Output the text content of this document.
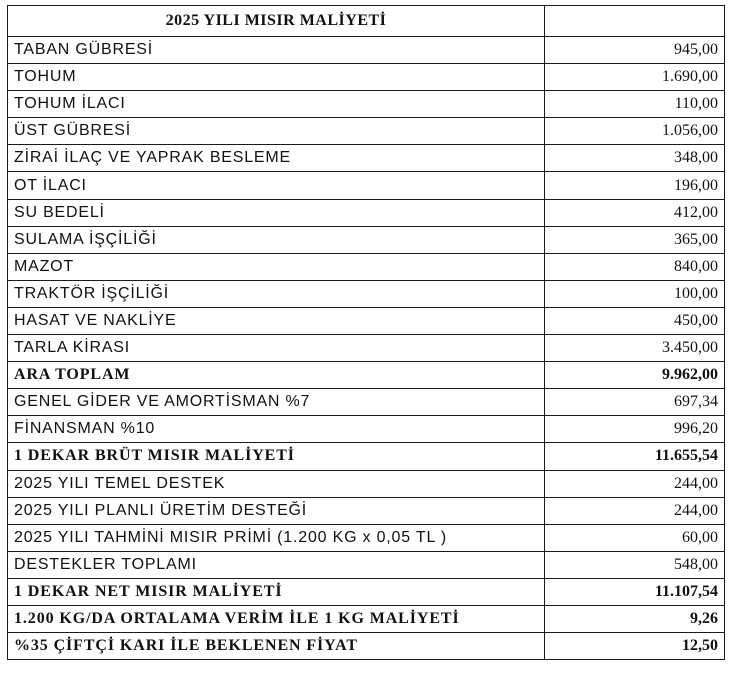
2025 YILI MISIR MALİYETİ	
TABAN GÜBRESİ	945,00
TOHUM	1.690,00
TOHUM İLACI	110,00
ÜST GÜBRESİ	1.056,00
ZİRAİ İLAÇ VE YAPRAK BESLEME	348,00
OT İLACI	196,00
SU BEDELİ	412,00
SULAMA İŞÇİLİĞİ	365,00
MAZOT	840,00
TRAKTÖR İŞÇİLİĞİ	100,00
HASAT VE NAKLİYE	450,00
TARLA KİRASI	3.450,00
ARA TOPLAM	9.962,00
GENEL GİDER VE AMORTİSMAN %7	697,34
FİNANSMAN %10	996,20
1 DEKAR BRÜT MISIR MALİYETİ	11.655,54
2025 YILI TEMEL DESTEK	244,00
2025 YILI PLANLI ÜRETİM DESTEĞİ	244,00
2025 YILI TAHMİNİ MISIR PRİMİ (1.200 KG x 0,05 TL )	60,00
DESTEKLER TOPLAMI	548,00
1 DEKAR NET MISIR MALİYETİ	11.107,54
1.200 KG/DA ORTALAMA VERİM İLE 1 KG MALİYETİ	9,26
%35 ÇİFTÇİ KARI İLE BEKLENEN FİYAT	12,50
